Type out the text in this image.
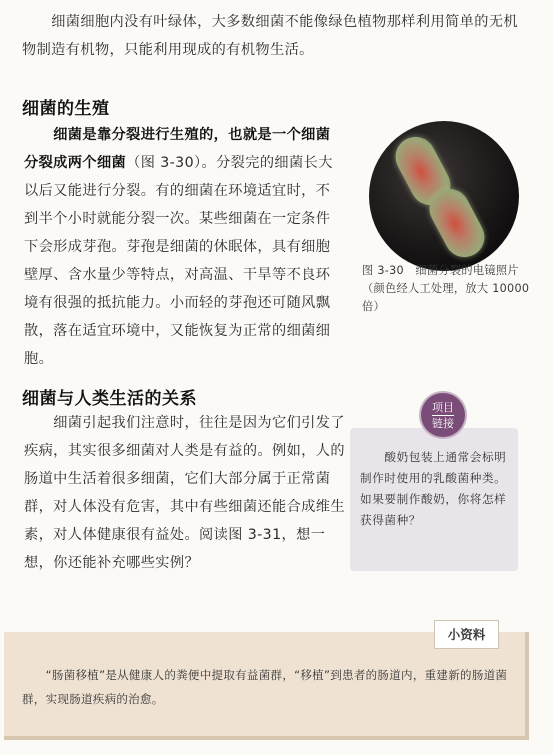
细菌细胞内没有叶绿体，大多数细菌不能像绿色植物那样利用简单的无机物制造有机物，只能利用现成的有机物生活。

细菌的生殖

细菌是靠分裂进行生殖的，也就是一个细菌分裂成两个细菌（图 3-30）。分裂完的细菌长大以后又能进行分裂。有的细菌在环境适宜时，不到半个小时就能分裂一次。某些细菌在一定条件下会形成芽孢。芽孢是细菌的休眠体，具有细胞壁厚、含水量少等特点，对高温、干旱等不良环境有很强的抵抗能力。小而轻的芽孢还可随风飘散，落在适宜环境中，又能恢复为正常的细菌细胞。

图 3-30　细菌分裂的电镜照片（颜色经人工处理，放大 10000 倍）
细菌与人类生活的关系

细菌引起我们注意时，往往是因为它们引发了疾病，其实很多细菌对人类是有益的。例如，人的肠道中生活着很多细菌，它们大部分属于正常菌群，对人体没有危害，其中有些细菌还能合成维生素，对人体健康很有益处。阅读图 3-31，想一想，你还能补充哪些实例？

项目
链接

酸奶包装上通常会标明制作时使用的乳酸菌种类。如果要制作酸奶，你将怎样获得菌种？

小资料

“肠菌移植”是从健康人的粪便中提取有益菌群，“移植”到患者的肠道内，重建新的肠道菌群，实现肠道疾病的治愈。
